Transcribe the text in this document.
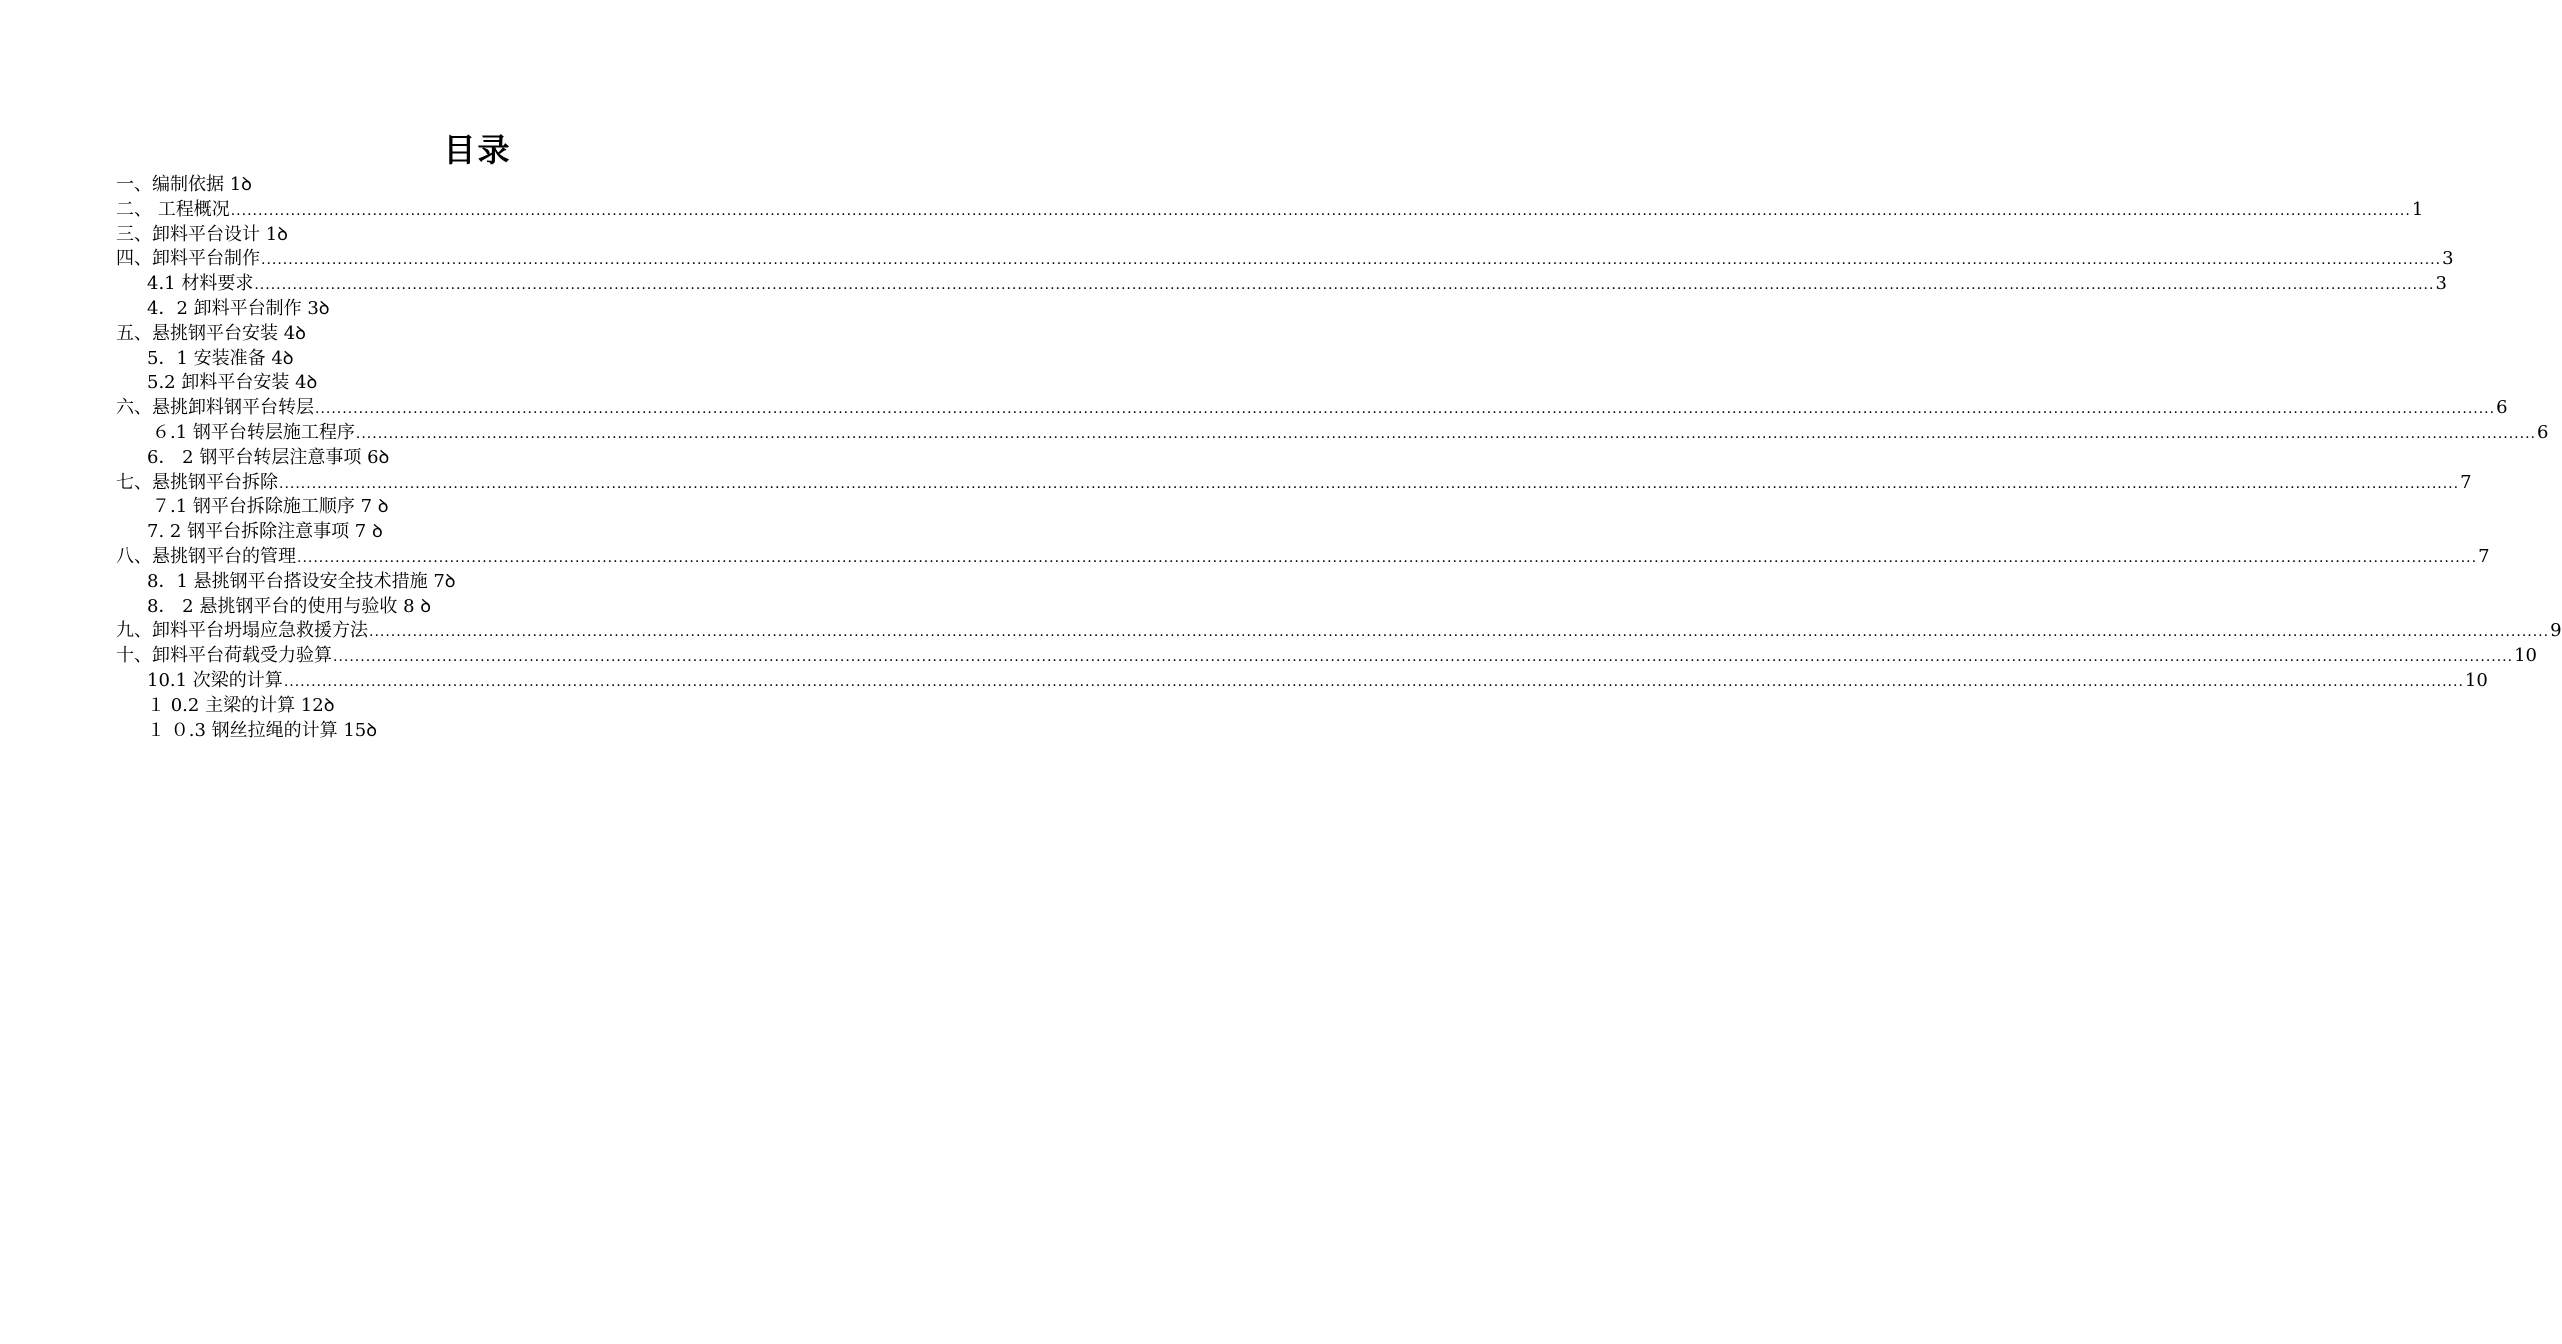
目录
一、编制依据 1ꝺ
二、 工程概况 ................................................................................................................................................................................................................................................................................................................................................................................................................ 1
三、卸料平台设计 1ꝺ
四、卸料平台制作 ................................................................................................................................................................................................................................................................................................................................................................................................................ 3
4.1 材料要求 ................................................................................................................................................................................................................................................................................................................................................................................................................ 3
4．2 卸料平台制作 3ꝺ
五、悬挑钢平台安装 4ꝺ
5．1 安装准备 4ꝺ
5.2 卸料平台安装 4ꝺ
六、悬挑卸料钢平台转层 ................................................................................................................................................................................................................................................................................................................................................................................................................ 6
６.1 钢平台转层施工程序 ................................................................................................................................................................................................................................................................................................................................................................................................................ 6
6． 2 钢平台转层注意事项 6ꝺ
七、悬挑钢平台拆除 ................................................................................................................................................................................................................................................................................................................................................................................................................ 7
７.1 钢平台拆除施工顺序 7 ꝺ
7. 2 钢平台拆除注意事项 7 ꝺ
八、悬挑钢平台的管理 ................................................................................................................................................................................................................................................................................................................................................................................................................ 7
8．1 悬挑钢平台搭设安全技术措施 7ꝺ
8． 2 悬挑钢平台的使用与验收 8 ꝺ
九、卸料平台坍塌应急救援方法 ................................................................................................................................................................................................................................................................................................................................................................................................................ 9
十、卸料平台荷载受力验算 ................................................................................................................................................................................................................................................................................................................................................................................................................ 10
10.1 次梁的计算 ................................................................................................................................................................................................................................................................................................................................................................................................................ 10
１ 0.2 主梁的计算 12ꝺ
１ ０.3 钢丝拉绳的计算 15ꝺ
